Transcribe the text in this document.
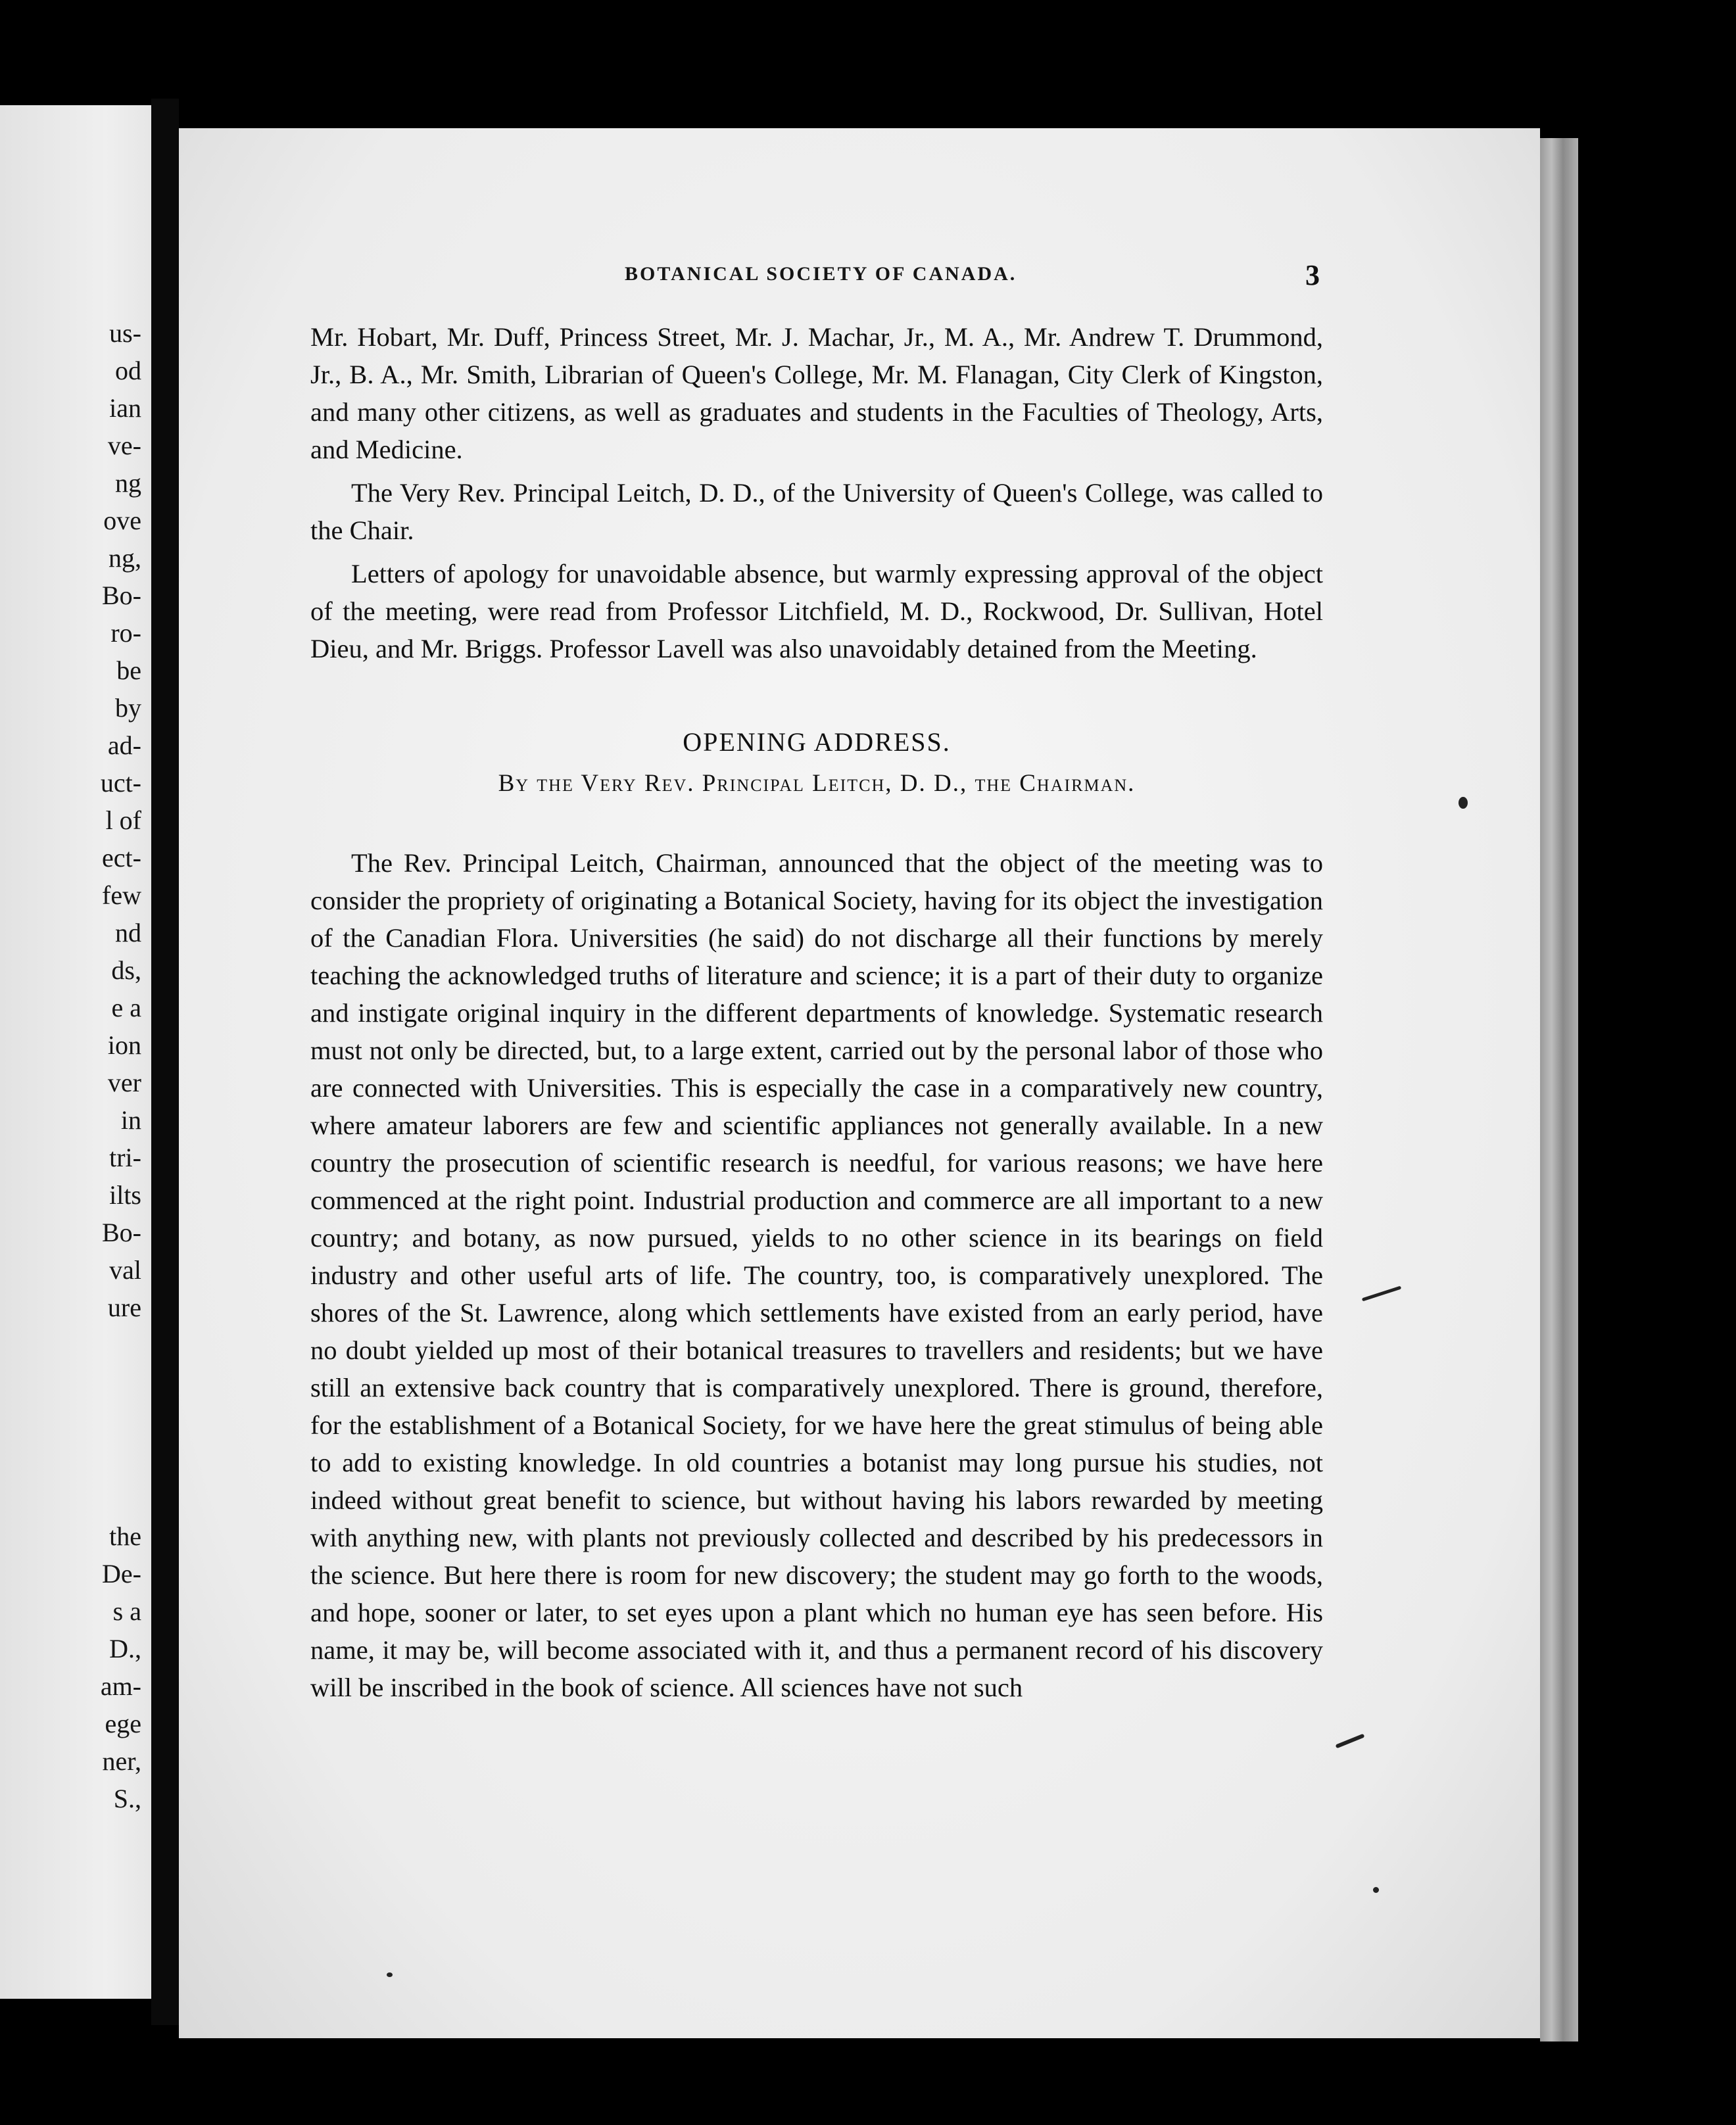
us-
od
ian
ve-
ng
ove
ng,
Bo-
ro-
be
by
ad-
uct-
l of
ect-
few
nd
ds,
e a
ion
ver
in
tri-
ilts
Bo-
val
ure
the
De-
s a
D.,
am-
ege
ner,
S.,
BOTANICAL SOCIETY OF CANADA.	3

Mr. Hobart, Mr. Duff, Princess Street, Mr. J. Machar, Jr., M. A., Mr. Andrew T. Drummond, Jr., B. A., Mr. Smith, Librarian of Queen's College, Mr. M. Flanagan, City Clerk of Kingston, and many other citizens, as well as graduates and students in the Faculties of Theology, Arts, and Medicine.

The Very Rev. Principal Leitch, D. D., of the University of Queen's College, was called to the Chair.

Letters of apology for unavoidable absence, but warmly expressing approval of the object of the meeting, were read from Professor Litchfield, M. D., Rockwood, Dr. Sullivan, Hotel Dieu, and Mr. Briggs. Professor Lavell was also unavoidably detained from the Meeting.

OPENING ADDRESS.
By the Very Rev. Principal Leitch, D. D., the Chairman.

The Rev. Principal Leitch, Chairman, announced that the object of the meeting was to consider the propriety of originating a Botanical Society, having for its object the investigation of the Canadian Flora. Universities (he said) do not discharge all their functions by merely teaching the acknowledged truths of literature and science; it is a part of their duty to organize and instigate original inquiry in the different departments of knowledge. Systematic research must not only be directed, but, to a large extent, carried out by the personal labor of those who are connected with Universities. This is especially the case in a comparatively new country, where amateur laborers are few and scientific appliances not generally available. In a new country the prosecution of scientific research is needful, for various reasons; we have here commenced at the right point. Industrial production and commerce are all important to a new country; and botany, as now pursued, yields to no other science in its bearings on field industry and other useful arts of life. The country, too, is comparatively unexplored. The shores of the St. Lawrence, along which settlements have existed from an early period, have no doubt yielded up most of their botanical treasures to travellers and residents; but we have still an extensive back country that is comparatively unexplored. There is ground, therefore, for the establishment of a Botanical Society, for we have here the great stimulus of being able to add to existing knowledge. In old countries a botanist may long pursue his studies, not indeed without great benefit to science, but without having his labors rewarded by meeting with anything new, with plants not previously collected and described by his predecessors in the science. But here there is room for new discovery; the student may go forth to the woods, and hope, sooner or later, to set eyes upon a plant which no human eye has seen before. His name, it may be, will become associated with it, and thus a permanent record of his discovery will be inscribed in the book of science. All sciences have not such
